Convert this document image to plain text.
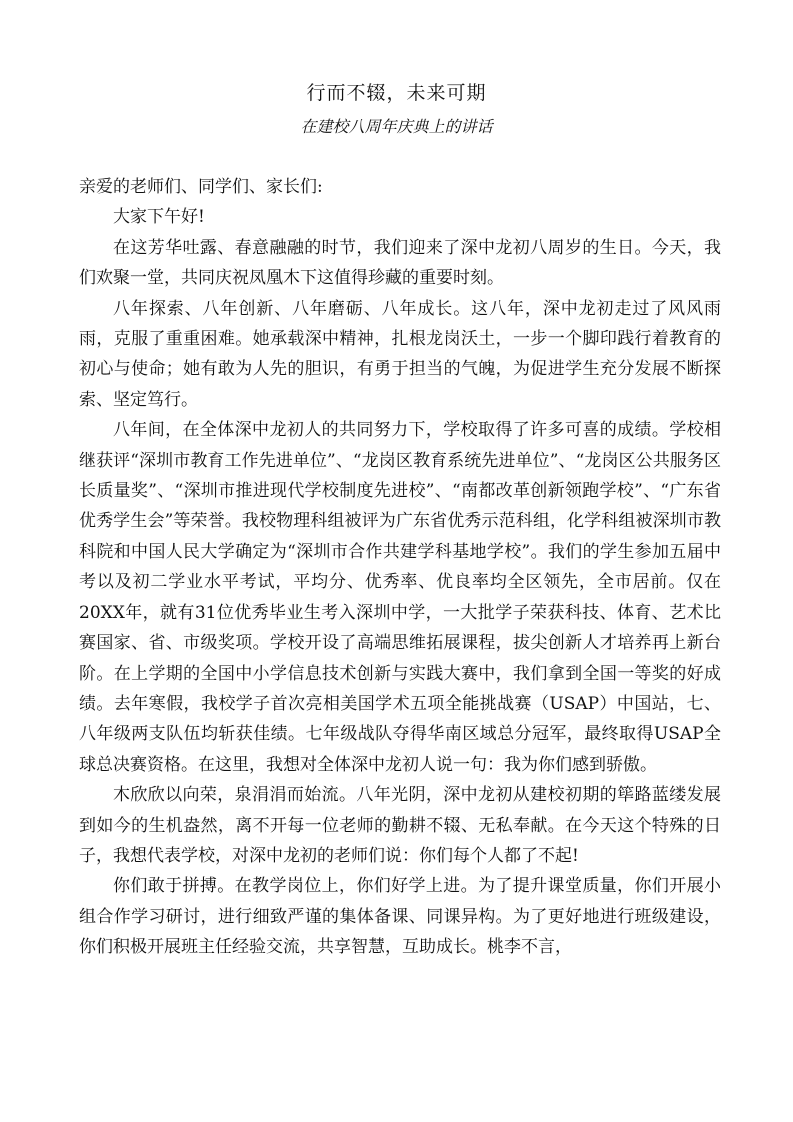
行而不辍，未来可期
在建校八周年庆典上的讲话

亲爱的老师们、同学们、家长们:

大家下午好!

在这芳华吐露、春意融融的时节，我们迎来了深中龙初八周岁的生日。今天，我们欢聚一堂，共同庆祝凤凰木下这值得珍藏的重要时刻。

八年探索、八年创新、八年磨砺、八年成长。这八年，深中龙初走过了风风雨雨，克服了重重困难。她承载深中精神，扎根龙岗沃土，一步一个脚印践行着教育的初心与使命；她有敢为人先的胆识，有勇于担当的气魄，为促进学生充分发展不断探索、坚定笃行。

八年间，在全体深中龙初人的共同努力下，学校取得了许多可喜的成绩。学校相继获评“深圳市教育工作先进单位”、“龙岗区教育系统先进单位”、“龙岗区公共服务区长质量奖”、“深圳市推进现代学校制度先进校”、“南都改革创新领跑学校”、“广东省优秀学生会”等荣誉。我校物理科组被评为广东省优秀示范科组，化学科组被深圳市教科院和中国人民大学确定为“深圳市合作共建学科基地学校”。我们的学生参加五届中考以及初二学业水平考试，平均分、优秀率、优良率均全区领先，全市居前。仅在20XX年，就有31位优秀毕业生考入深圳中学，一大批学子荣获科技、体育、艺术比赛国家、省、市级奖项。学校开设了高端思维拓展课程，拔尖创新人才培养再上新台阶。在上学期的全国中小学信息技术创新与实践大赛中，我们拿到全国一等奖的好成绩。去年寒假，我校学子首次亮相美国学术五项全能挑战赛（USAP）中国站，七、八年级两支队伍均斩获佳绩。七年级战队夺得华南区域总分冠军，最终取得USAP全球总决赛资格。在这里，我想对全体深中龙初人说一句：我为你们感到骄傲。

木欣欣以向荣，泉涓涓而始流。八年光阴，深中龙初从建校初期的筚路蓝缕发展到如今的生机盎然，离不开每一位老师的勤耕不辍、无私奉献。在今天这个特殊的日子，我想代表学校，对深中龙初的老师们说：你们每个人都了不起!

你们敢于拼搏。在教学岗位上，你们好学上进。为了提升课堂质量，你们开展小组合作学习研讨，进行细致严谨的集体备课、同课异构。为了更好地进行班级建设，你们积极开展班主任经验交流，共享智慧，互助成长。桃李不言，
